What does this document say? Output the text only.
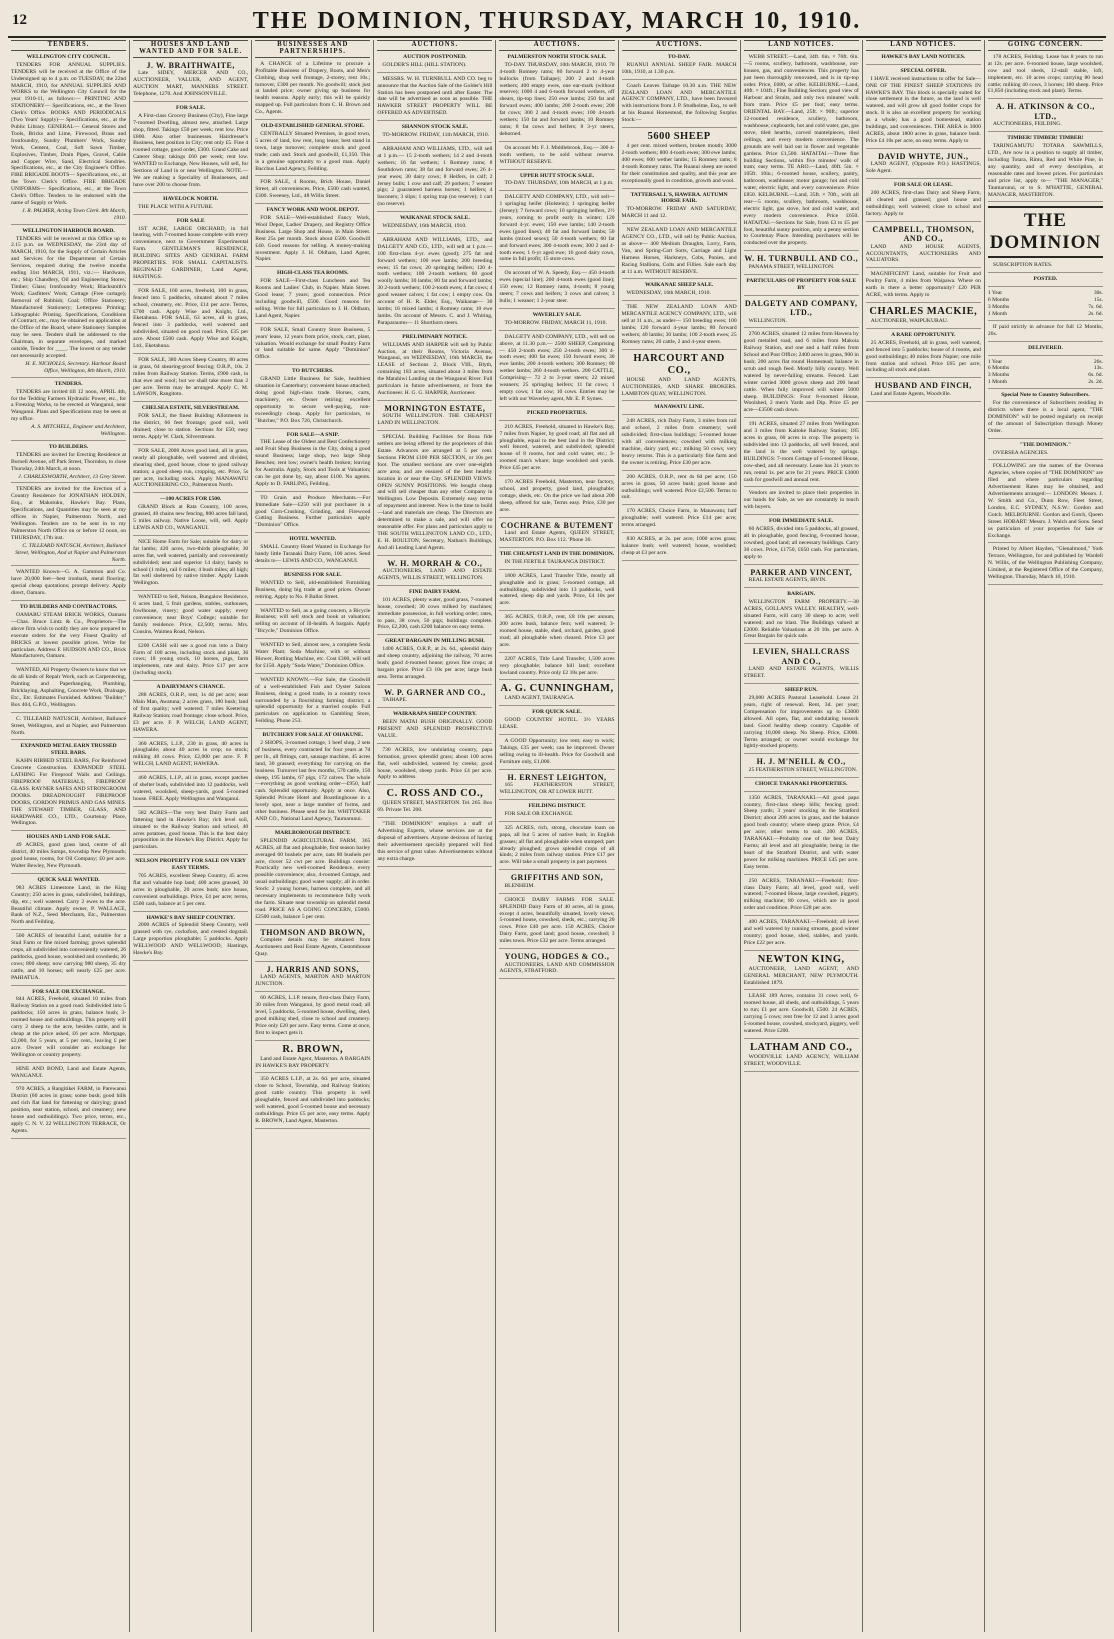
12	THE DOMINION, THURSDAY, MARCH 10, 1910.
TENDERS.
WELLINGTON CITY COUNCIL.

TENDERS FOR ANNUAL SUPPLIES. TENDERS will be received at the Office of the Undersigned up to 4 p.m. on TUESDAY, the 22nd MARCH, 1910, for ANNUAL SUPPLIES AND WORKS to the Wellington City Council for the year 1910-11, as follows:— PRINTING AND STATIONERY— Specifications, etc., at the Town Clerk's Office. BOOKS AND PERIODICALS (Two Years' Supply)— Specifications, etc., at the Public Library. GENERAL— General Stores and Tools, Bricks and Lime, Firewood, Brass and Ironfoundry, Sundry Plumbers' Work, Sundry Work, Cement, Coal, Soft Sawn Timber, Explosives, Timber, Drain Pipes, Gravel, Cable and Copper Wire, Sand, Electrical Sundries. Specifications, etc., at the City Engineer's Office. FIRE BRIGADE BOOTS— Specifications, etc., at the Town Clerk's Office. FIRE BRIGADE UNIFORMS— Specifications, etc., at the Town Clerk's Office. Tenders to be endorsed with the name of Supply or Work.

J. R. PALMER, Acting Town Clerk. 8th March, 1910.
WELLINGTON HARBOUR BOARD.

TENDERS will be received at this Office up to 2.15 p.m. on WEDNESDAY, the 23rd day of MARCH, 1910, for the Supply of Certain Articles and Services for the Department of Certain Services, required during the twelve months ending 31st MARCH, 1911, viz.:— Hardware, etc.; Ship Chandlery, Oil and Engineering Stores; Timber; Glass; Ironfoundry Work; Blacksmith's Work; Gasfitters' Work; Cottage (Free cartage); Removal of Rubbish; Coal; Office Stationery; Manufactured Stationery; Letterpress Printing; Lithographic Printing. Specifications, Conditions of Contract, etc., may be obtained on application at the Office of the Board, where Stationery Samples may be seen. Tenders shall be addressed to the Chairman, in separate envelopes, and marked outside, Tender for ____. The lowest or any tender not necessarily accepted.

H. E. NICHOLLS, Secretary. Harbour Board Office, Wellington, 8th March, 1910.
TENDERS.

TENDERS are invited till 12 noon, APRIL 4th, for the Tedding Farmers Hydraulic Power, etc., for a Freezing Works, to be erected at Wanganui, near Wanganui. Plans and Specifications may be seen at my office.

A. S. MITCHELL, Engineer and Architect, Wellington.
TO BUILDERS.

TENDERS are invited for Erecting Residence at Burnell Avenue, off Park Street, Thorndon, to close Thursday, 24th March, at noon.

J. CHARLESWORTH, Architect, 13 Grey Street.

TENDERS are invited for the Erection of a Country Residence for JONATHAN HOLDEN, Esq., at Makotuku, Hawke's Bay. Plans, Specifications, and Quantities may be seen at my offices in Napier, Palmerston North, and Wellington. Tenders are to be sent in to my Palmerston North Office on or before 12 noon, on THURSDAY, 17th inst.

C. TILLEARD NATUSCH, Architect, Balluncé Street, Wellington, And at Napier and Palmerston North.

WANTED Known—G. A. Gammon and Co. have 20,000 feet—best ironbark, metal flooring; special cheap quotations; prompt delivery. Apply direct, Oamaru.

TO BUILDERS AND CONTRACTORS.

OAMARU STEAM BRICK WORKS, Oamaru—Chas. Bruce Lintz & Co., Proprietors—The above firm wish to notify they are now prepared to execute orders for the very Finest Quality of BRICKS at lowest possible prices. Write for particulars. Address F. HUDSON AND CO., Brick Manufacturers, Oamaru.

WANTED, All Property Owners to know that we do all kinds of Repair Work, such as Carpentering, Painting and Paperhanging, Plumbing, Bricklaying, Asphalting, Concrete Work, Drainage, Etc., Etc. Estimates Furnished. Address "Builder," Box 404, G.P.O., Wellington.

C. TILLEARD NATUSCH, Architect, Balluncé Street, Wellington, and at Napier, and Palmerston North.

EXPANDED METAL EARN TRUSSED STEEL BARS.

KAHN RIBBED STEEL BARS, For Reinforced Concrete Construction. EXPANDED STEEL LATHING For Fireproof Walls and Ceilings. FIREPROOF MATERIALS, FIREPROOF GLASS. RAYNER SAFES AND STRONGROOM DOORS. DREADNOUGHT FIREPROOF DOORS, GORDON PRIMUS AND GAS MINES. THE STEWART TIMBER, GLASS, AND HARDWARE CO., LTD., Courtenay Place, Wellington.

HOUSES AND LAND FOR SALE.

49 ACRES, good grass land, centre of all district, 40 miles Sumps, township New Plymouth; good house, rooms, for Oil Company; £0 per acre. Walter Bewley, New Plymouth.

QUICK SALE WANTED.

983 ACRES Limestone Land, in the King Country; 250 acres in grass, subdivided, buildings, dip, etc.; well watered. Carry 2 ewes to the acre. Beautiful climate. Apply owner, P. WALLACE, Bank of N.Z., Seed Merchants, Etc., Palmerston North and Feilding.

500 ACRES of beautiful Land, suitable for a Stud Farm or fine mixed farming; grows splendid crops, all subdivided into conveniently watered, 26 paddocks, good house, woolshed and cowsheds; 36 cows; 800 sheep; now carrying 980 sheep, 35 dry cattle, and 10 horses; sell nearly £25 per acre. PAHIATUA.

FOR SALE OR EXCHANGE.

844 ACRES, Freehold, situated 10 miles from Railway Station on a good road. Subdivided into 5 paddocks; 150 acres in grass, balance bush; 3-roomed house and outbuildings. This property will carry 2 sheep to the acre, besides cattle, and is cheap at the price asked, £6 per acre. Mortgage, £2,000, for 5 years, at 5 per cent., leaving £ per acre. Owner will consider an exchange for Wellington or country property.

HINE AND BOND, Land and Estate Agents, WANGANUI.

970 ACRES, a Rangitikei FARM, in Parewanui District (60 acres in grass; some bush; good hills and rich flat land for fattening or dairying; grand position, near station, school, and creamery; new house and outbuildings). Two price, terms, etc., apply C. N. V. 22 WELLINGTON TERRACE, Or Agents.

HOUSES AND LAND WANTED AND FOR SALE.
J. W. BRAITHWAITE,

Late SIDEY, MERCER AND CO., AUCTIONEER, VALUER, AND AGENT, AUCTION MART, MANNERS STREET. Telephone, 1270. And JOHNSONVILLE.

FOR SALE.

A First-class Grocery Business (City), Fine large 7-roomed Dwelling, almost new, attached. Large shop, fitted. Takings £50 per week; rent low. Price £800. Also other businesses. Hairdresser's Business, best position in City; rent only £5. Fine 4 roomed cottage, good order, £300. Grand Cake and Caterer Shop; takings £60 per week; rent low. WANTED to Exchange, New Houses, will sell, for Sections of Land in or near Wellington. NOTE.—We are making a Speciality of Businesses, and have over 200 to choose from.

HAVELOCK NORTH.

THE PLACE WITH A FUTURE.

FOR SALE

1ST ACRE, LARGE ORCHARD, in full bearing, with 7-roomed house complete with every convenience, next to Government Experimental Farm. GENTLEMAN'S RESIDENCE, BUILDING SITES AND GENERAL FARM PROPERTIES. FOR SMALL CAPITALISTS. REGINALD GARDINER, Land Agent, HASTINGS.

FOR SALE, 160 acres, freehold, 100 in grass, fenced into 5 paddocks, situated about 7 miles school, creamery, etc. Price, £14 per acre. Terms, £700 cash. Apply Wise and Knight, Ltd., Eketahuna. FOR SALE, 63 acres, all in grass, fenced into 3 paddocks, well watered and subdivided, situated on good road. Price, £35 per acre. About £500 cash. Apply Wise and Knight, Ltd., Eketahuna.

FOR SALE, 380 Acres Sheep Country, 80 acres in grass, 64 shearing-proof fencing; O.R.P., 10s. 2 miles from Railway Station. Terms, £900 cash, in that ewe and wool; but we shall take more than 2 per acre. Terms may be arranged. Apply C. M. LAWSON, Rangitoto.

CHELSEA ESTATE, SILVERSTREAM.

FOR SALE, the finest Building Allotments in the district, 66 feet frontage; good soil, well drained; close to station. Sections for £50; easy terms. Apply W. Clark, Silverstream.

FOR SALE, 2000 Acres good land, all in grass, nearly all ploughable, well watered and divided, shearing shed, good house, close to good railway station; a good sheep run, cropping, etc. Price, 5s per acre, including stock. Apply MANAWATU AUCTIONEERING CO., Palmerston North.

—100 ACRES FOR £500.

GRAND Block at Rata Country, 100 acres, grassed, 40 chains new fencing, 800 acres fall land, 5 miles railway. Native Loose, will, sell. Apply LEWIS AND CO., WANGANUI.

NICE Home Farm for Sale; suitable for dairy or fat lambs; 420 acres, two-thirds ploughable; 30 acres flat, well watered, partially and conveniently subdivided; neat and superior 14 dairy; handy to school (1 mile), rail 6 miles; 4 bush miles; all high; fat well sheltered by native timber. Apply Lands Wellington.

WANTED to Sell, Nelson, Bungalow Residence, 6 acres land, 5 fruit gardens, stables, outhouses, fowlhouse, vinery; good water supply; every convenience; near Boys' College; suitable for family residence. Price, £2,500; terms. Mrs. Cousins, Waimea Road, Nelson.

£200 CASH will see a good run into a Dairy Farm of 100 acres, including stock and plant, 36 cows; 18 young stock, 10 horses, pigs, farm implements, rate and dairy. Price £17 per acre (including stock).

A DAIRYMAN'S CHANCE.

288 ACRES, O.R.P., rent, 1s 4d per acre; near Main Man, Awatuna; 2 acres grass, 180 bush; land of first quality; well watered; 7 miles Keetering Railway Station; road frontage; close school. Price, £3 per acre. F. P. WELCH, LAND AGENT, HAWERA.

360 ACRES, L.I.P., 230 in grass, 40 acres in ploughable; about 40 acres in crop; no stock; milking 40 cows. Price, £2,000 per acre. F. P. WELCH, LAND AGENT, HAWERA.

460 ACRES, L.I.P., all in grass, except patches of shelter bush, subdivided into 12 paddocks, well watered, woolshed, sheep-yards, good 5-roomed house. FREE. Apply Wellington and Wanganui.

582 ACRES—The very best Dairy Farm and fattening land in Hawke's Bay; rich level soil, situated to the Railway Station and school, 40 acres potatoes, good house. This is the best dairy proposition in the Hawke's Bay District. Apply for particulars.

NELSON PROPERTY FOR SALE ON VERY EASY TERMS.

705 ACRES, excellent Sheep Country, 45 acres flat and valuable hop land; 400 acres grassed, 30 acres in ploughable, 20 acres bush; nice house, convenient outbuildings. Price, £4 per acre; terms, £500 cash, balance at 5 per cent.

HAWKE'S BAY SHEEP COUNTRY.

2000 ACRES of Splendid Sheep Country, well grassed with rye, cocksfoot, and crested dogstail. Large proportion ploughable; 5 paddocks. Apply WELLWOOD AND WELLWOOD, Hastings, Hawke's Bay.

BUSINESSES AND PARTNERSHIPS.

A CHANCE of a Lifetime to procure a Profitable Business of Drapery, Boots, and Men's Clothing, shop well frontage, 2-storey, rent 10s.; turnover, £300 per month. No goodwill; stock just at landed price; owner giving up business for health reasons. Apply early; this will be quickly snapped up. Full particulars from C. H. Brown and Co., Agents.

OLD-ESTABLISHED GENERAL STORE.

CENTRALLY Situated Premises, in good town, 5 acres of land, low rent, long lease; best stand in town, large turnover; complete stock and good trade; cash and. Stock and goodwill, £1,350. This is a genuine opportunity to a good man. Apply Bacchus Land Agency, Feilding.

FOR SALE, 4 Rooms, Brick House, Daniel Street, all conveniences. Price, £500 cash wanted, £300. Sweeney, Ltd., 48 Willis Street.

FANCY WORK AND WOOL DEPOT.

FOR SALE—Well-established Fancy Work, Wool Depot, Ladies' Drapery, and Registry Office Business. Large Shop and House, in Main Street. Rent 25s per month. Stock about £500. Goodwill £40. Good reasons for selling. A money-making investment. Apply J. H. Oldham, Land Agent, Napier.

HIGH-CLASS TEA ROOMS.

FOR SALE—First-class Luncheon and Tea Rooms and Ladies' Club, in Napier. Main Street. Good lease; 7 years; good connection. Price including goodwill, £500. Good reasons for selling. Write for full particulars to J. H. Oldham, Land Agent, Napier.

FOR SALE, Small Country Store Business, 5 years' lease, 12 years from price, stock, cart, plant, valuation. Would exchange for small Poultry Farm or land suitable for same. Apply "Dominion" Office.

TO BUTCHERS.

GRAND Little Business for Sale, healthiest situation in Canterbury; convenient house attached; doing good high-class trade. Horses, carts, machinery, etc. Owner retiring; excellent opportunity to secure well-paying, non-exceedingly cheap. Apply for particulars, to "Butcher," P.O. Box 726, Christchurch.

FOR SALE—A SNIP.

THE Lease of the Oldest and Best Confectionery and Fruit Shop Business in the City, doing a good sound Business; large shop, two large Shop Benches; rent low; owner's health broken; leaving for Australia. Apply, Stock and Tools at Valuation; can be got done by, say, about £100. No agents. Apply to D. FARLING, Feilding.

TO Grain and Produce Merchants.—For Immediate Sale—£250 will put purchaser in a good Corn-Crushing, Grinding, and Firewood Cutting Business. Further particulars apply "Dominion" Office.

HOTEL WANTED.

SMALL Country Hotel Wanted in Exchange for handy little Taranaki Dairy Farm, 100 acres. Send details to— LEWIS AND CO., WANGANUI.

BUSINESS FOR SALE.

WANTED to Sell, old-established Furnishing Business, doing big trade at good prices. Owner retiring. Apply to No. 8 Ballot Street.

WANTED to Sell, as a going concern, a Bicycle Business; will sell stock and book at valuation; selling on account of ill-health. A bargain. Apply "Bicycle," Dominion Office.

WANTED to Sell, almost new, a complete Soda Water Plant; Soda Machine, with or without Blower, Bottling Machine, etc. Cost £300, will sell for £150. Apply "Soda Water," Dominion Office.

WANTED KNOWN.—For Sale, the Goodwill of a well-established Fish and Oyster Saloon Business, doing a good trade, in a country town surrounded by a flourishing farming district; a splendid opportunity for a married couple. Full particulars on application to Gambling Store, Feilding. Phone 253.

BUTCHERY FOR SALE AT OHAKUNE.

2 SHOPS, 3-roomed cottage, 1 beef shop, 2 sets of business, every contracted for four years at 7d per lb., all fittings, cart, sausage machine, 45 acres land, 30 grassed; everything for carrying on the business. Turnover last few months, 570 cattle, 150 sheep, 195 lambs, 67 pigs, 172 calves. The whole—everything as good working order—£950, half cash. Splendid opportunity. Apply at once. Also, Splendid Private Hotel and Boardinghouse in a lovely spot, near a large number of forms, and other business. Please send for list. WHITTAKER AND CO., National Land Agency, Taumarunui.

MARLBOROUGH DISTRICT.

SPLENDID AGRICULTURAL FARM, 365 ACRES, all flat and ploughable, first season barley averaged 60 bushels per acre, oats 80 bushels per acre, clover 52 cwt per acre. Buildings consist: Practically new well-roomed Residence, every possible convenience; also, 4-roomed Cottage, and usual outbuildings; good water supply; all in order. Stock: 2 young horses, harness complete, and all necessary implements to recommence fully work the farm. Situate near township on splendid metal road. PRICE AS A GOING CONCERN, £5000. £2500 cash, balance 5 per cent.

THOMSON AND BROWN,

Complete details may be obtained from Auctioneers and Real Estate Agents, Customhouse Quay.

J. HARRIS AND SONS,

LAND AGENTS, MARTON AND MARTON JUNCTION.

60 ACRES, L.I.P. tenure, first-class Dairy Farm, 30 miles from Wanganui, by good metal road; all level, 5 paddocks, 5-roomed house, dwelling, shed, good milking shed, close to school and creamery. Price only £20 per acre. Easy terms. Come at once, first to inspect gets it.

R. BROWN,

Land and Estate Agent, Masterton. A BARGAIN IN HAWKE'S BAY PROPERTY.

350 ACRES L.I.P., at 2s. 6d. per acre, situated close to School, Township, and Railway Station; good cattle country. This property is well ploughable, fenced and subdivided into paddocks; well watered, good 5-roomed house and necessary outbuildings. Price £5 per acre, easy terms. Apply R. BROWN, Land Agent, Masterton.

AUCTIONS.
AUCTION POSTPONED.

GOLDER'S HILL (HILL STATION).

MESSRS. W. H. TURNBULL AND CO. beg to announce that the Auction Sale of the Golder's Hill Station has been postponed until after Easter. The date will be advertised as soon as possible. THE HAWKER STREET PROPERTY WILL BE OFFERED AS ADVERTISED.

SHANNON STOCK SALE.

TO-MORROW. FRIDAY, 11th MARCH, 1910.

ABRAHAM AND WILLIAMS, LTD., will sell at 1 p.m.— 15 2-tooth wethers; 14 2 and 4-tooth wethers; 16 fat wethers; 1 Romney rams; 8 Southdown rams; 38 fat and forward ewes; 26 4-year ewes; 30 dairy cows; 8 Heifers, in calf; 2 Jersey bulls; 1 cow and calf; 29 porkers; 7 weaner pigs; 2 guaranteed harness horses; 1 heifers; 4 baconers; 3 slips; 1 spring trap (no reserve); 1 cart (no reserve).

WAIKANAE STOCK SALE.

WEDNESDAY, 16th MARCH, 1910.

ABRAHAM AND WILLIAMS, LTD., and DALGETY AND CO., LTD., will sell at 1 p.m.— 100 first-class 4-yr. ewes (good); 275 fat and forward wethers; 100 ewe lambs; 200 breeding ewes; 15 fat cows; 20 springing heifers; 120 4-tooth wethers; 100 2-tooth wethers; 60 good woolly lambs; 30 lambs; 80 fat and forward lambs; 30 2-tooth wethers; 100 2-tooth ewes; 4 fat cows; 4 good weaner calves; 1 fat cow; 1 empty cow. On account of H. R. Elder, Esq., Waikanae— 30 lambs; 16 mixed lambs; 4 Romney rams; 10 ewe lambs. On account of Messrs. C. and J. Whiting, Paraparaumu— 11 Shorthorn steers.

PRELIMINARY NOTICE.

WILLIAMS AND HARPER will sell by Public Auction, at their Rooms, Victoria Avenue, Wanganui, on WEDNESDAY, 16th MARCH, the LEASE of Sections 2, Block VIII., Blyth, containing 183 acres, situated about 3 miles from the Matahiwi Landing on the Wanganui River. Full particulars in future advertisement, or from the Auctioneer. H. G. G. HARPER, Auctioneer.

MORNINGTON ESTATE,

SOUTH WELLINGTON. THE CHEAPEST LAND IN WELLINGTON.

SPECIAL Building Facilities for Bona fide settlers are being offered by the proprietors of this Estate. Advances are arranged at 5 per cent. Sections FROM £100 PER SECTION, or 10s per foot. The smallest sections are over one-eighth acre area; and are ensured of the best healthy location in or near the City. SPLENDID VIEWS. OPEN SUNNY POSITIONS. We bought cheap and will sell cheaper than any other Company in Wellington. Low Deposits. Extremely easy terms of repayment and interest. Now is the time to build—land and materials are cheap. The Directors are determined to make a sale, and will offer no reasonable offer. For plans and particulars apply to THE SOUTH WELLINGTON LAND CO., LTD., E. H. BOULTON, Secretary, Nathan's Buildings, And all Leading Land Agents.

W. H. MORRAH & CO.,

AUCTIONEERS, LAND AND ESTATE AGENTS, WILLIS STREET, WELLINGTON.

FINE DAIRY FARM.

101 ACRES, plenty water, good grass, 7-roomed house, cowshed; 30 cows milked by machines; immediate possession, in full working order; rates, to pass, 38 cows, 50 pigs; buildings complete. Price, £2,200, cash £200 balance on easy terms.

GREAT BARGAIN IN MILLING BUSH.

1400 ACRES, O.R.P., at 2s. 6d., splendid dairy and sheep country, adjoining the railway, 70 acres bush; good 4-roomed house; grows fine crops; at bargain price. Price £3 10s per acre; large bush area. Terms arranged.

W. P. GARNER AND CO.,

TAIHAPE.

WAIRARAPA SHEEP COUNTRY.

BEEN MATAI BUSH ORIGINALLY. GOOD PRESENT AND SPLENDID PROSPECTIVE VALUE.

730 ACRES, low undulating country, papa formation, grows splendid grass; about 100 acres flat, well subdivided, watered by creeks; good house, woolshed, sheep yards. Price £4 per acre. Apply to address.

C. ROSS AND CO.,

QUEEN STREET, MASTERTON. Tel. 265. Box 69. Private Tel. 200.

"THE DOMINION" employs a staff of Advertising Experts, whose services are at the disposal of advertisers. Anyone desirous of having their advertisement specially prepared will find this service of great value. Advertisements without any extra charge.

AUCTIONS.
PALMERSTON NORTH STOCK SALE.

TO-DAY. THURSDAY, 10th MARCH, 1910. 70 4-tooth Romney rams; 80 forward 2 to 4-year bullocks (from Taihape); 200 2 and 4-tooth wethers; 400 empty ewes, one ear-mark (without reserve); 1000 4 and 6-tooth forward wethers, off shears, tip-top lines; 250 ewe lambs; 250 fat and forward ewes; 400 lambs; 200 2-tooth ewes; 200 fat cows; 300 2 and 4-tooth ewes; 100 4-tooth wethers; 150 fat and forward lambs; 10 Romney rams; 8 fat cows and heifers; 8 3-yr steers, dehorned.

On account Mr. F. J. Middlebrook, Esq.— 300 4-tooth wethers, to be sold without reserve. WITHOUT RESERVE.

UPPER HUTT STOCK SALE.

TO-DAY. THURSDAY, 10th MARCH, at 1 p.m.

DALGETY AND COMPANY, LTD., will sell— 1 springing heifer (Holstein); 1 springing heifer (Jersey); 7 forward cows; 10 springing heifers, 2½ years, coming to profit early in winter; 120 forward 4-yr. ewes; 150 ewe lambs; 140 2-tooth ewes (good lines); 40 fat and forward lambs; 50 lambs (mixed sexes); 50 4-tooth wethers; 60 fat and forward ewes; 300 4-tooth ewes; 300 2 and 4-tooth ewes; 1 6-yr aged ewe; 16 good dairy cows, some in full profit; 15 store cows.

On account of W. A. Speedy, Esq.— 450 4-tooth ewes (special line); 200 4-tooth ewes (good line); 150 ewes; 12 Romney rams, 4-tooth; 8 young steers; 7 cows and heifers; 3 cows and calves; 3 bulls; 1 weaner; 1 2-year steer.

WAVERLEY SALE.

TO-MORROW. FRIDAY, MARCH 11, 1910.

DALGETY AND COMPANY, LTD., will sell on above, at 11.30 p.m.— 2500 SHEEP, Comprising— 450 2-tooth ewes; 250 2-tooth ewes; 300 4-tooth ewes; 400 fat ewes; 150 forward ewes; 30 ewe lambs; 200 4-tooth wethers; 300 Romney; 80 wether lambs; 260 4-tooth wethers. 200 CATTLE, Comprising— 72 2 to 3-year steers; 22 mixed weaners; 25 springing heifers; 11 fat cows; 1 empty cows; 1 fat cow; 10 cows. Entries may be left with our Waverley agent, Mr. E. P. Symes.

PICKED PROPERTIES.

210 ACRES, Freehold, situated in Hawke's Bay, 7 miles from Napier, by good road; all flat and all ploughable, equal to the best land in the District; well fenced, watered, and subdivided; splendid house of 8 rooms, hot and cold water, etc.; 3-roomed man's whare; large woolshed and yards. Price £45 per acre.

170 ACRES Freehold, Masterton, near factory, school, and property, good land, ploughable; cottage, sheds, etc. On the price we had about 200 sheep, offered for sale, Terms easy. Price, £30 per acre.

COCHRANE & BUTEMENT

Land and Estate Agents, QUEEN STREET, MASTERTON. P.O. Box 112. 'Phone 30.

THE CHEAPEST LAND IN THE DOMINION.

IN THE FERTILE TAURANGA DISTRICT.

1800 ACRES, Land Transfer Title, mostly all ploughable and in grass; 5-roomed cottage, all outbuildings, subdivided into 13 paddocks, well watered, sheep dip and yards. Price, £4 10s per acre.

365 ACRES, O.R.P., rent, £8 10s per annum, 200 acres bush, balance fern; well watered; 3-roomed house, stable, shed, orchard, garden, good road; all ploughable when cleared. Price £3 per acre.

2207 ACRES, Title Land Transfer, 1,500 acres very ploughable; balance hill land; excellent lowland country. Price only £2 10s per acre.

A. G. CUNNINGHAM,

LAND AGENT, TAURANGA.

FOR QUICK SALE.

GOOD COUNTRY HOTEL. 3½ YEARS LEASE.

A GOOD Opportunity; low rent; easy to work; Takings, £35 per week; can be improved. Owner selling owing to ill-health. Price for Goodwill and Furniture only, £1,000.

H. ERNEST LEIGHTON,

165 FEATHERSTON STREET, WELLINGTON, OR AT LOWER HUTT.

FEILDING DISTRICT.

FOR SALE OR EXCHANGE.

325 ACRES, rich, strong, chocolate loam on papa, all but 5 acres of native bush; in English grasses; all flat and ploughable when stumped; part already ploughed; grows splendid crops of all kinds; 2 miles from railway station. Price £17 per acre. Will take a small property in part payment.

GRIFFITHS AND SON,

BLENHEIM.

CHOICE DAIRY FARMS FOR SALE. SPLENDID Dairy Farm of 40 acres, all in grass, except 4 acres, beautifully situated, lovely views; 5-roomed house, cowshed, sheds, etc.; carrying 20 cows. Price £40 per acre. 150 ACRES, Choice Dairy Farm, good land; good house, cowshed; 3 miles town. Price £32 per acre. Terms arranged.

YOUNG, HODGES & CO.,

AUCTIONEERS, LAND AND COMMISSION AGENTS, STRATFORD.

AUCTIONS.
TO-DAY.

RUANUI ANNUAL SHEEP FAIR. MARCH 10th, 1910, at 1.30 p.m.

Coach Leaves Taihape 10.30 a.m. THE NEW ZEALAND LOAN AND MERCANTILE AGENCY COMPANY, LTD., have been favoured with instructions from J. P. Studholme, Esq., to sell at his Ruanui Homestead, the following Surplus Stock:—

5600 SHEEP

4 per cent. mixed wethers, broken mouth; 3000 2-tooth wethers; 800 4-tooth ewes; 300 ewe lambs; 400 ewes; 600 wether lambs; 15 Romney rams; 8 4-tooth Romney rams. The Ruanui sheep are noted for their constitution and quality, and this year are exceptionally good in condition, growth and wool.

TATTERSALL'S, HAWERA. AUTUMN HORSE FAIR.

TO-MORROW. FRIDAY AND SATURDAY, MARCH 11 and 12.

NEW ZEALAND LOAN AND MERCANTILE AGENCY CO., LTD., will sell by Public Auction, as above— 400 Medium Draughts, Lorry, Farm, Van, and Spring-Cart Sorts, Carriage and Light Harness Horses, Hackneys, Cobs, Ponies, and Racing Stallions, Colts and Fillies. Sale each day at 11 a.m. WITHOUT RESERVE.

WAIKANAE SHEEP SALE.

WEDNESDAY, 16th MARCH, 1910.

THE NEW ZEALAND LOAN AND MERCANTILE AGENCY COMPANY, LTD., will sell at 11 a.m., as under— 150 breeding ewes; 100 lambs; 120 forward 4-year lambs; 80 forward wethers; 40 lambs; 30 lambs; 100 2-tooth ewes; 25 Romney rams; 20 cattle, 2 and 4-year steers.

HARCOURT AND CO.,

HOUSE AND LAND AGENTS, AUCTIONEERS, AND SHARE BROKERS. LAMBTON QUAY, WELLINGTON.

MANAWATU LINE.

248 ACRES, rich Dairy Farm, 3 miles from rail and school, 2 miles from creamery; well subdivided; first-class buildings; 5-roomed house with all conveniences; cowshed with milking machine, dairy yard, etc.; milking 50 cows; very heavy returns. This is a particularly fine farm and the owner is retiring. Price £30 per acre.

200 ACRES, O.R.P., rent 4s 6d per acre; 150 acres in grass, 50 acres bush; good house and outbuildings; well watered. Price £2,500. Terms to suit.

170 ACRES, Choice Farm, in Manawatu; half ploughable; well watered. Price £14 per acre; terms arranged.

830 ACRES, at 2s. per acre, 1000 acres grass; balance bush; well watered; house, woolshed; cheap at £3 per acre.

LAND NOTICES.

WEBB STREET.—Land, 34ft. 6in. × 76ft. 6in.—5 rooms, scullery, bathroom, washhouse, out-houses, gas, and conveniences. This property has just been thoroughly renovated, and is in tip-top order. Price, £680, or offer. KELBURNE.—Land, 40ft. × 104ft.; Fine Building Section; good view of Harbour and Straits, and only two minutes' walk from tram. Price £5 per foot; easy terms. ORIENTAL BAY.—Land, 25ft. × 90ft.; superior 12-roomed residence, scullery, bathroom, washhouse; cupboards, hot and cold water, gas, gas stove, tiled hearths, carved mantelpieces, tiled ceilings, and every modern convenience. The grounds are well laid out in flower and vegetable gardens. Price £1,500. HATAITAI.—Three fine building Sections, within five minutes' walk of tram; easy terms. TE ARO.—Land, 40ft. 5in. × 105ft. 10in.; 6-roomed house, scullery, pantry, bathroom, washhouse; motor garage; hot and cold water, electric light, and every convenience. Price £850. KELBURNE.—Land, 35ft. × 70ft., with all rear—5 rooms, scullery, bathroom, washhouse, electric light, gas stove, hot and cold water, and every modern convenience. Price £650. HATAITAI.—Sections for Sale, from £3 to £5 per foot, beautiful sunny position, only a penny section to Courtenay Place. Intending purchasers will be conducted over the property.

W. H. TURNBULL AND CO.,

PANAMA STREET, WELLINGTON.

PARTICULARS OF PROPERTY FOR SALE BY
DALGETY AND COMPANY, LTD.,

WELLINGTON.

2760 ACRES, situated 12 miles from Hawera by good metalled road, and 6 miles from Makoia Railway Station, and one and a half miles from School and Post Office; 2400 acres in grass, 900 in bush; 200 acres flat round Homestead; balance in scrub and rough feed. Mostly hilly country. Well watered by never-failing streams. Fenced. Last winter carried 3000 grown sheep and 200 head cattle. When fully improved will winter 5000 sheep. BUILDINGS: Four 8-roomed House, Woolshed, 2 men's Yards and Dip. Price £5 per acre—£3500 cash down.

191 ACRES, situated 27 miles from Wellington and 3 miles from Kaitoke Railway Station; 185 acres in grass, 60 acres in crop. The property is subdivided into 13 paddocks, all well fenced, and the land is the well watered by springs. BUILDINGS: 7-room Cottage of 5-roomed House, cow-shed, and all necessary. Lease has 21 years to run, rental 1s. per acre for 21 years. PRICE £3000 cash for goodwill and annual rent.

Vendors are invited to place their properties in our hands for Sale, as we are constantly in touch with buyers.

FOR IMMEDIATE SALE.

60 ACRES, divided into 5 paddocks, all grassed, all in ploughable, good fencing, 6-roomed house, cowshed, good land; all necessary buildings. Carry 30 cows. Price, £1750, £650 cash. For particulars, apply to

PARKER AND VINCENT,

REAL ESTATE AGENTS, IRVIN.

BARGAIN.

WELLINGTON FARM PROPERTY.—38 ACRES, GOLLAN'S VALLEY. HEALTHY, well-situated Farm, will carry 30 sheep to acre; well watered; and no blast. The Buildings valued at £2000. Reliable Valuations at 20 10s. per acre. A Great Bargain for quick sale.

LEVIEN, SHALLCRASS AND CO.,

LAND AND ESTATE AGENTS, WILLIS STREET.

SHEEP RUN.

29,000 ACRES Pastoral Leasehold. Lease 21 years, right of renewal. Rent, 3d. per year; Compensation for improvements up to £3000 allowed. All open, flat, and undulating tussock land. Good healthy sheep country. Capable of carrying 10,000 sheep. No Sheep. Price, £3000. Terms arranged; or owner would exchange for lightly-stocked property.

H. J. M'NEILL & CO.,

25 FEATHERSTON STREET, WELLINGTON.

CHOICE TARANAKI PROPERTIES.

1350 ACRES, TARANAKI.—All good papa country, first-class sheep hills; fencing good; Sheep yards; 3 years' stocking in the Stratford District; about 200 acres in grass, and the balance good bush country; where sheep graze. Price, £4 per acre; other terms to suit. 200 ACRES, TARANAKI.—Probably one of the best Dairy Farms; all level and all ploughable; being in the heart of the Stratford District, and with water power for milking machines. PRICE £45 per acre. Easy terms.

250 ACRES, TARANAKI.—Freehold; first-class Dairy Farm; all level, good soil, well watered; 7-roomed House, large cowshed, piggery, milking machine; 80 cows, which are in good order and condition. Price £28 per acre.

400 ACRES, TARANAKI.—Freehold; all level and well watered by running streams, good winter country; good house, shed, stables, and yards. Price £22 per acre.

NEWTON KING,

AUCTIONEER, LAND AGENT, AND GENERAL MERCHANT, NEW PLYMOUTH. Established 1879.

LEASE 189 Acres, contains 31 cows well, 6-roomed house, all sheds, and outbuildings, 5 years to run; £1 per acre. Goodwill, £500. 24 ACRES, carrying 5 cows; rent free for 12 and 3 acres good 5-roomed house, cowshed, stockyard, piggery, well watered. Price £200.

LATHAM AND CO.,

WOODVILLE LAND AGENCY, WILLIAM STREET, WOODVILLE.

LAND NOTICES.
HAWKE'S BAY LAND NOTICES.
SPECIAL OFFER.

I HAVE received instructions to offer for Sale— ONE OF THE FINEST SHEEP STATIONS IN HAWKE'S BAY. This block is specially suited for close settlement in the future, as the land is well watered, and will grow all good fodder crops for stock. It is also an excellent property for working as a whole; has a good homestead, station buildings, and conveniences. THE AREA is 3000 ACRES, about 1800 acres in grass, balance bush. Price £4 10s per acre, on easy terms. Apply to

DAVID WHYTE, JUN.,

LAND AGENT, (Opposite P.O.) HASTINGS, Sole Agent.

FOR SALE OR LEASE.

200 ACRES, first-class Dairy and Sheep Farm, all cleared and grassed; good house and outbuildings; well watered; close to school and factory. Apply to

CAMPBELL, THOMSON, AND CO.,

LAND AND HOUSE AGENTS, ACCOUNTANTS, AUCTIONEERS AND VALUATORS.

MAGNIFICENT Land, suitable for Fruit and Poultry Farm, 4 miles from Waipawa. Where on earth is there a better opportunity? £20 PER ACRE, with terms. Apply to

CHARLES MACKIE,

AUCTIONEER, WAIPUKURAU.

A RARE OPPORTUNITY.

25 ACRES, Freehold, all in grass, well watered, and fenced into 5 paddocks; house of 4 rooms, and good outbuildings; 40 miles from Napier; one mile from station and school. Price £65 per acre, including all stock and plant.

HUSBAND AND FINCH,

Land and Estate Agents, Woodville.

GOING CONCERN.

178 ACRES, Feilding. Lease has 8 years to run at 12s. per acre. 6-roomed house, large woolshed, cow and tool sheds, 12-stall stable, loft, implement, etc. 10 acres crops; carrying 80 head cattle; milking 40 cows, 3 horses; 180 sheep. Price £1,850 (including stock and plant). Terms.

A. H. ATKINSON & CO., LTD.,

AUCTIONEERS, FEILDING.

TIMBER! TIMBER! TIMBER!

TARINGAMUTU TOTARA SAWMILLS, LTD., Are now in a position to supply all timber, including Totara, Rimu, Red and White Pine, in any quantity, and of every description, at reasonable rates and lowest prices. For particulars and price list, apply to— "THE MANAGER," Taumarunui, or to S. M'HATTIE, GENERAL MANAGER, MASTERTON.

THE DOMINION

SUBSCRIPTION RATES.

POSTED.
1 Year	30s.
6 Months	15s.
3 Months	7s. 6d.
1 Month	2s. 6d.

If paid strictly in advance for full 12 Months, 26s.

DELIVERED.
1 Year	26s.
6 Months	13s.
3 Months	6s. 6d.
1 Month	2s. 2d.
Special Note to Country Subscribers.

For the convenience of Subscribers residing in districts where there is a local agent, "THE DOMINION" will be posted regularly on receipt of the amount of Subscription through Money Order.

"THE DOMINION."

OVERSEA AGENCIES.

FOLLOWING are the names of the Oversea Agencies, where copies of "THE DOMINION" are filed and where particulars regarding Advertisement Rates may be obtained, and Advertisements arranged:— LONDON: Messrs. J. W. Smith and Co., Dunn Row, Fleet Street, London, E.C. SYDNEY, N.S.W.: Gordon and Gotch. MELBOURNE: Gordon and Gotch, Queen Street. HOBART: Messrs. J. Walch and Sons. Send us particulars of your properties for Sale or Exchange.

Printed by Albert Hayden, "Glenalmond," York Terrace, Wellington, for and published by Wardell N. Willis, of the Wellington Publishing Company, Limited, at the Registered Office of the Company, Wellington. Thursday, March 10, 1910.
